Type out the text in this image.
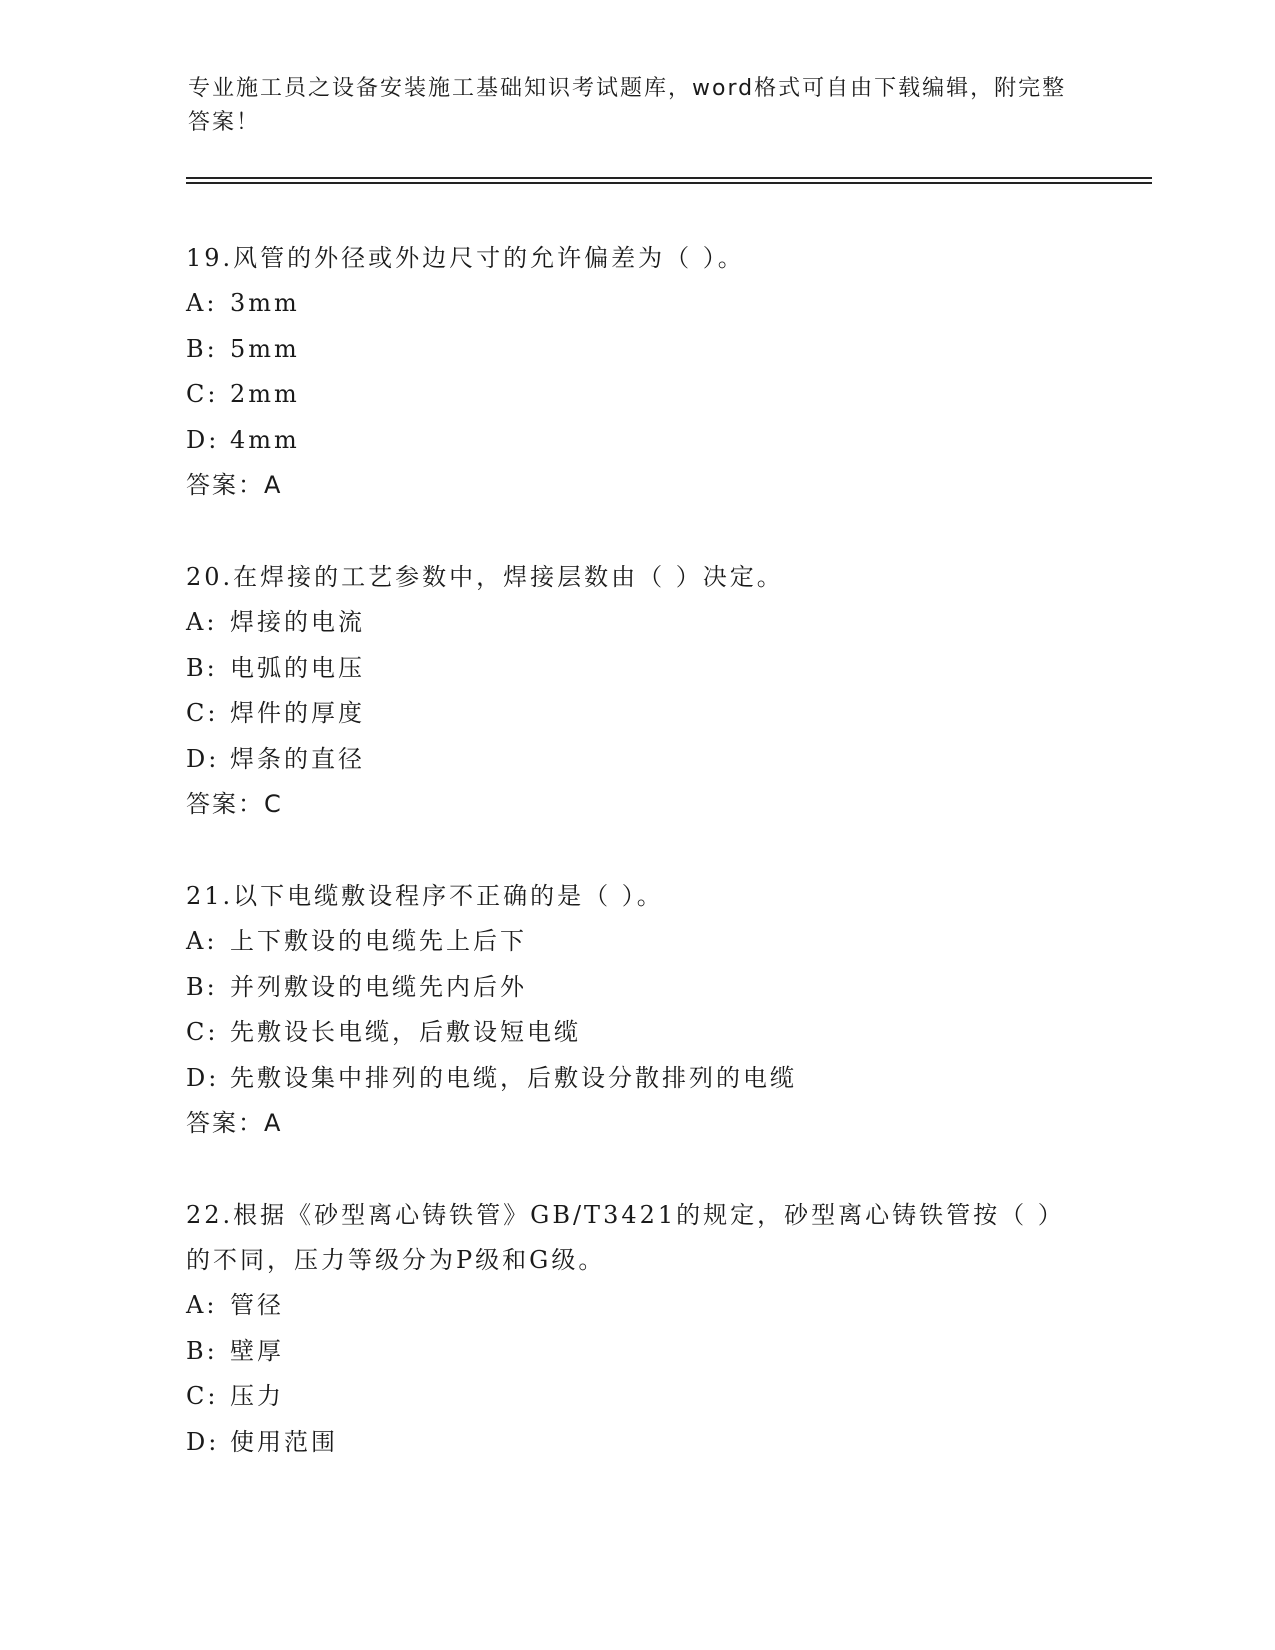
专业施工员之设备安装施工基础知识考试题库，word格式可自由下载编辑，附完整答案！

19.风管的外径或外边尺寸的允许偏差为（ ）。

A: 3mm

B: 5mm

C: 2mm

D: 4mm

答案：A

20.在焊接的工艺参数中，焊接层数由（ ）决定。

A: 焊接的电流

B: 电弧的电压

C: 焊件的厚度

D: 焊条的直径

答案：C

21.以下电缆敷设程序不正确的是（ ）。

A: 上下敷设的电缆先上后下

B: 并列敷设的电缆先内后外

C: 先敷设长电缆，后敷设短电缆

D: 先敷设集中排列的电缆，后敷设分散排列的电缆

答案：A

22.根据《砂型离心铸铁管》GB/T3421的规定，砂型离心铸铁管按（ ）的不同，压力等级分为P级和G级。

A: 管径

B: 壁厚

C: 压力

D: 使用范围
